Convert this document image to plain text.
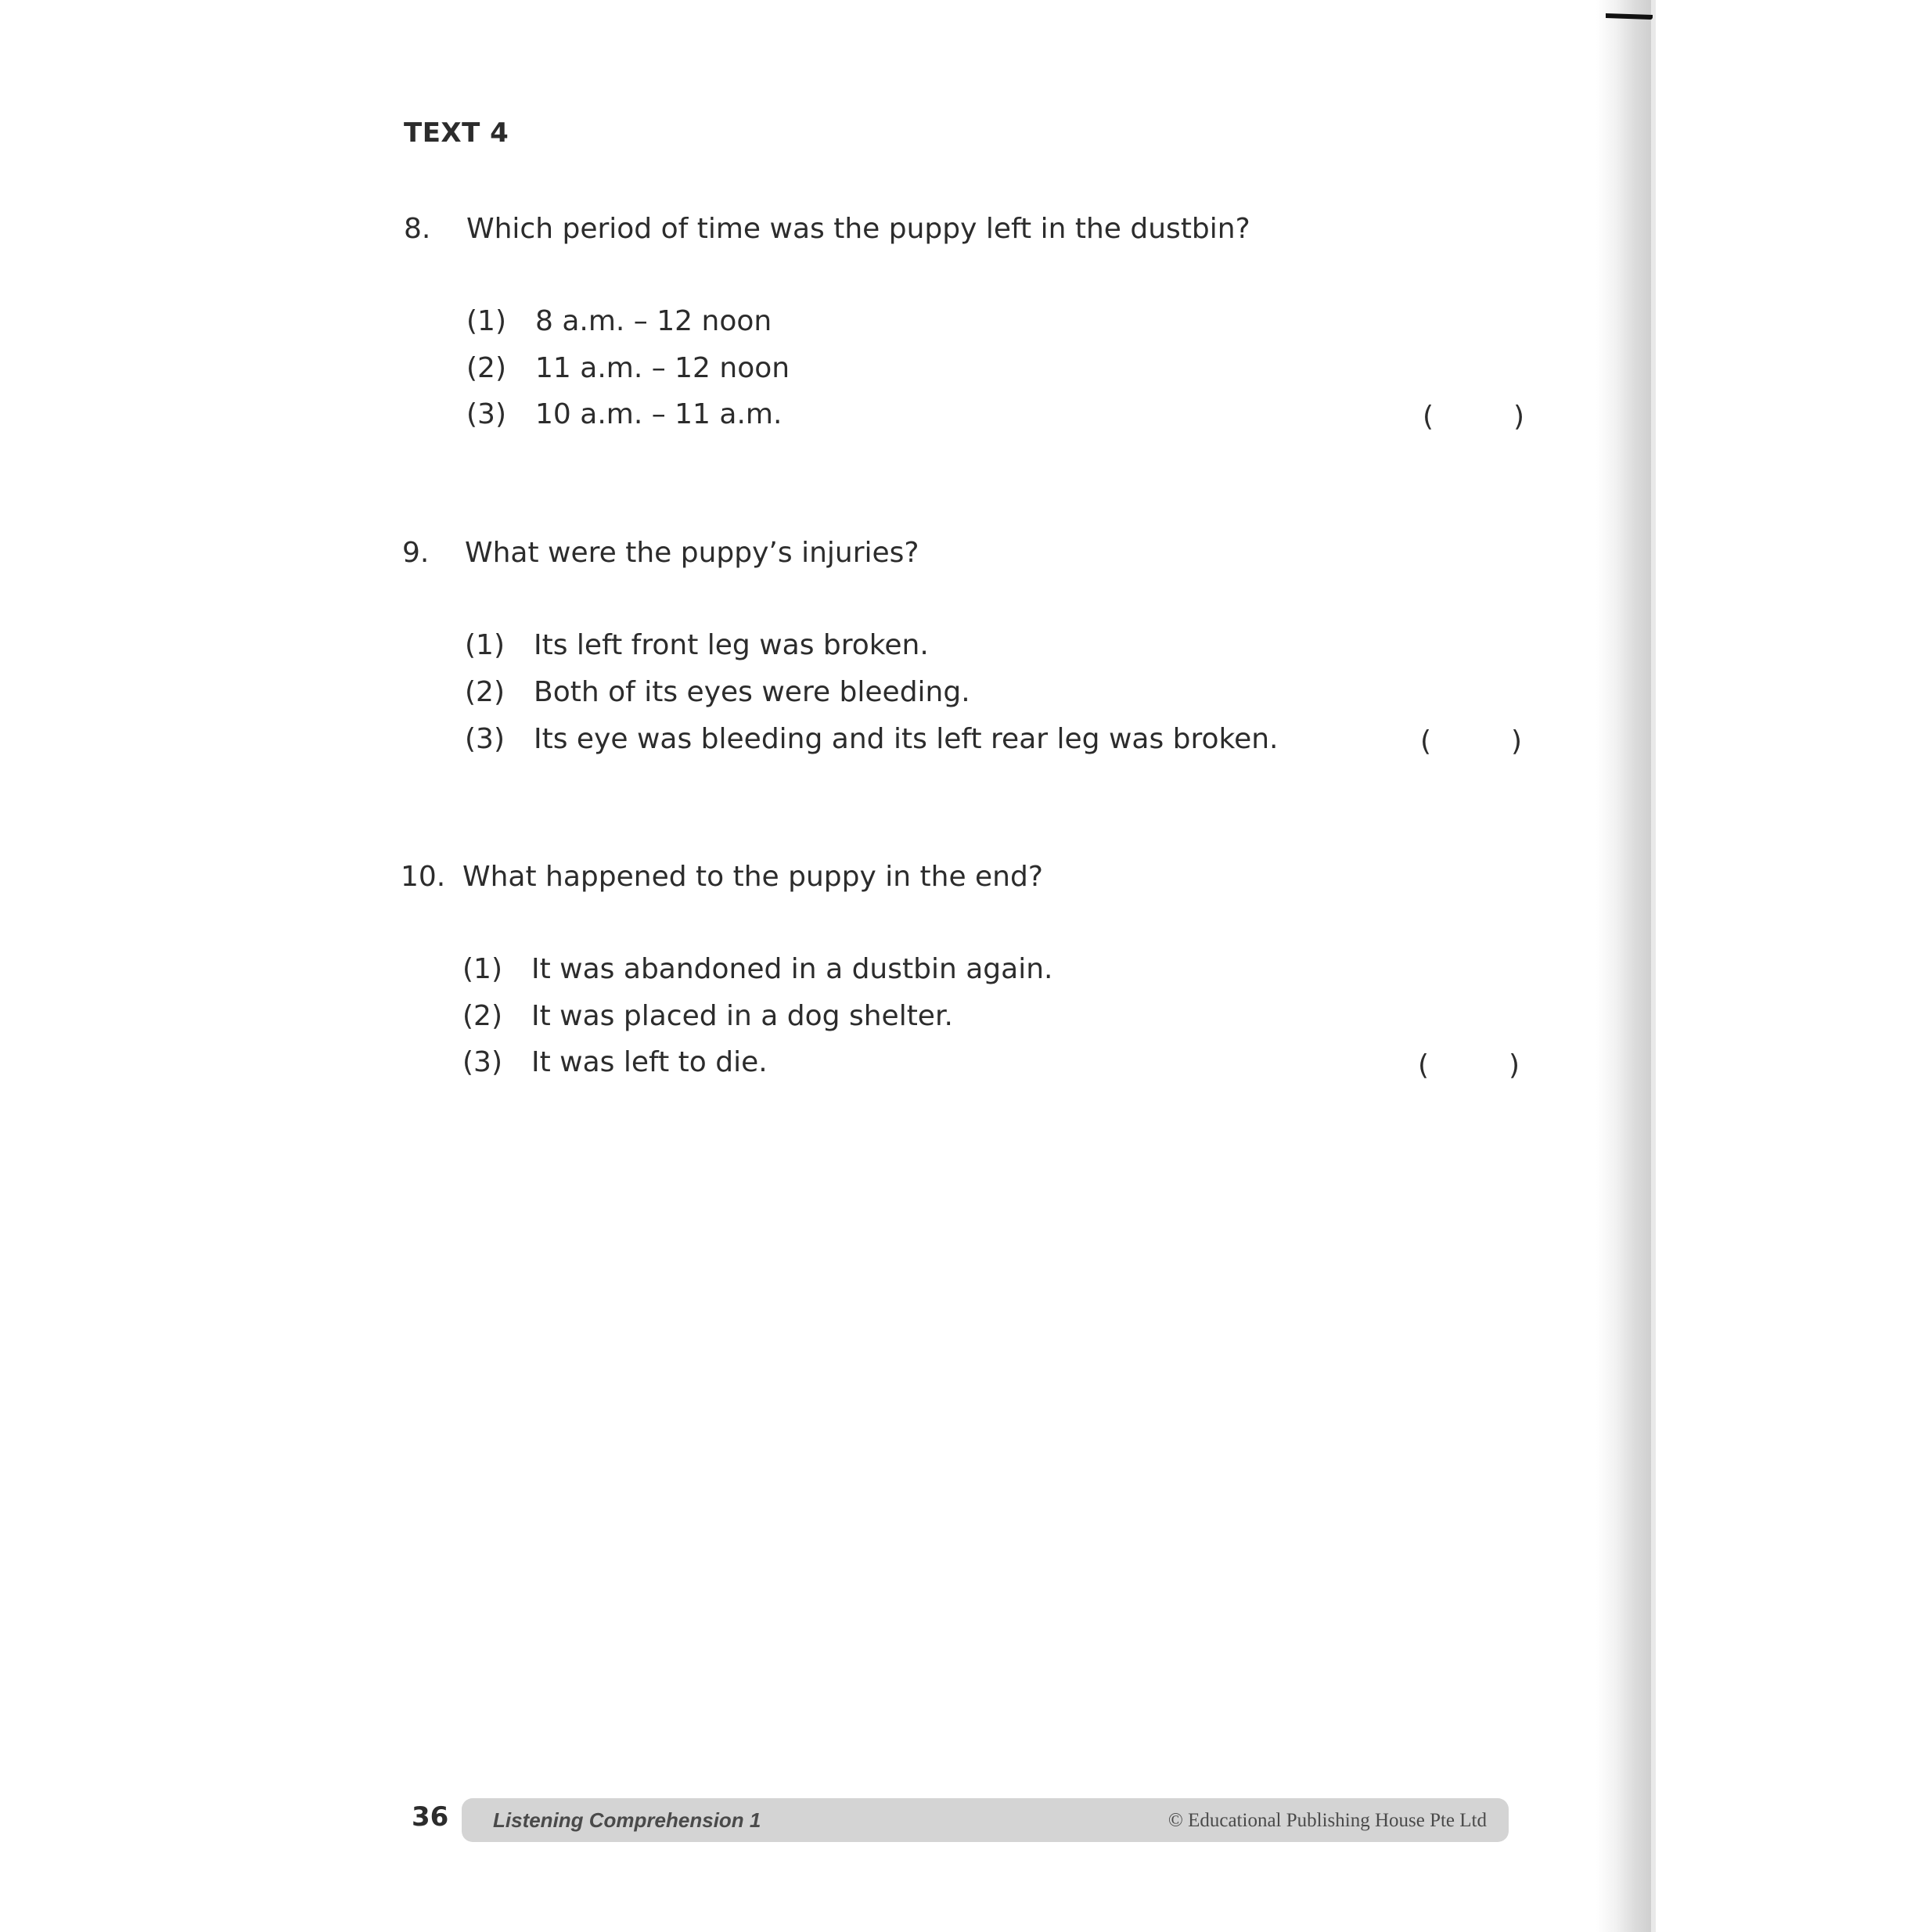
TEXT 4
8. Which period of time was the puppy left in the dustbin?
(1) 8 a.m. – 12 noon
(2) 11 a.m. – 12 noon
(3) 10 a.m. – 11 a.m.	(	)
9. What were the puppy’s injuries?
(1) Its left front leg was broken.
(2) Both of its eyes were bleeding.
(3) Its eye was bleeding and its left rear leg was broken.	(	)
10. What happened to the puppy in the end?
(1) It was abandoned in a dustbin again.
(2) It was placed in a dog shelter.
(3) It was left to die.	(	)
36 Listening Comprehension 1	© Educational Publishing House Pte Ltd
